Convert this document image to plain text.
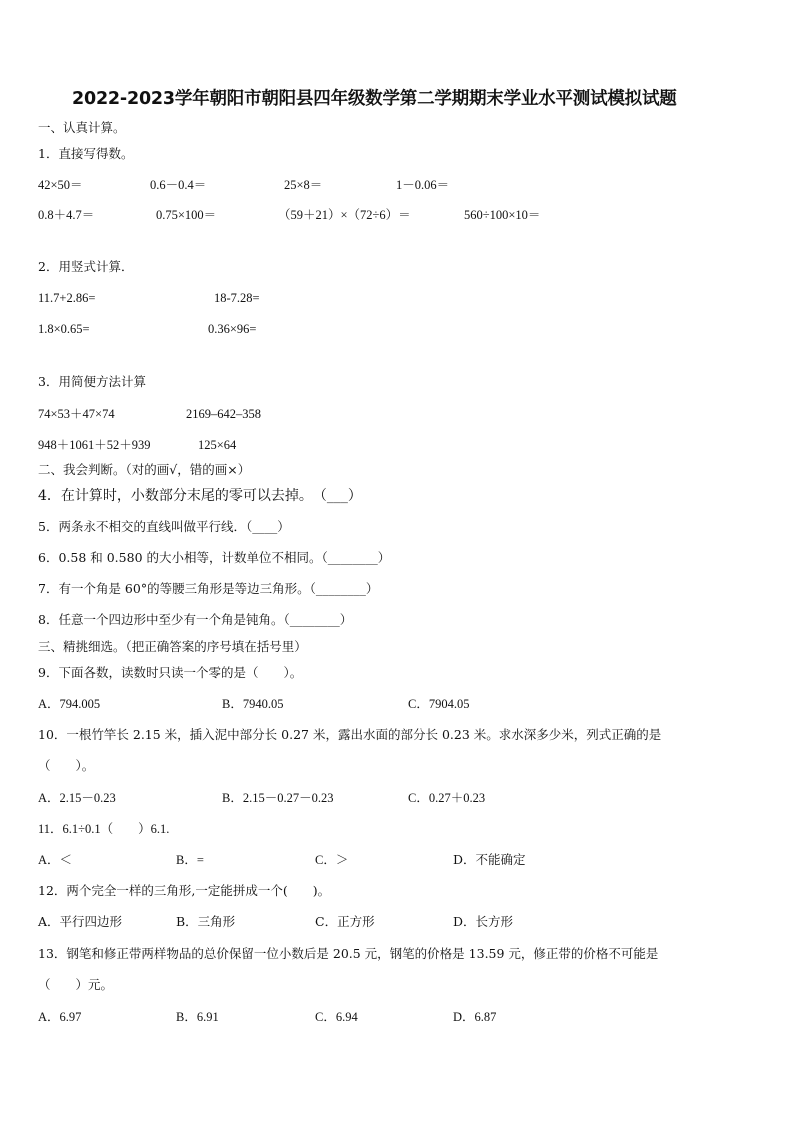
2022-2023学年朝阳市朝阳县四年级数学第二学期期末学业水平测试模拟试题
一、认真计算。
1．直接写得数。
42×50＝	0.6－0.4＝	25×8＝	1－0.06＝
0.8＋4.7＝	0.75×100＝	（59＋21）×（72÷6）＝	560÷100×10＝
2．用竖式计算．
11.7+2.86=	18-7.28=
1.8×0.65=	0.36×96=
3．用简便方法计算
74×53＋47×74	2169–642–358
948＋1061＋52＋939	125×64
二、我会判断。（对的画√，错的画×）
4．在计算时，小数部分末尾的零可以去掉。　（___）
5．两条永不相交的直线叫做平行线．（____）
6．0.58 和 0.580 的大小相等，计数单位不相同。（________）
7．有一个角是 60°的等腰三角形是等边三角形。（________）
8．任意一个四边形中至少有一个角是钝角。（________）
三、精挑细选。（把正确答案的序号填在括号里）
9．下面各数，读数时只读一个零的是（　　）。
A．794.005	B．7940.05	C．7904.05
10．一根竹竿长 2.15 米，插入泥中部分长 0.27 米，露出水面的部分长 0.23 米。求水深多少米，列式正确的是
（　　）。
A．2.15－0.23	B．2.15－0.27－0.23	C．0.27＋0.23
11．6.1÷0.1（　　）6.1.
A．＜	B．=	C．＞	D．不能确定
12．两个完全一样的三角形,一定能拼成一个(　　)。
A．平行四边形	B．三角形	C．正方形	D．长方形
13．钢笔和修正带两样物品的总价保留一位小数后是 20.5 元，钢笔的价格是 13.59 元，修正带的价格不可能是
（　　）元。
A．6.97	B．6.91	C．6.94	D．6.87
